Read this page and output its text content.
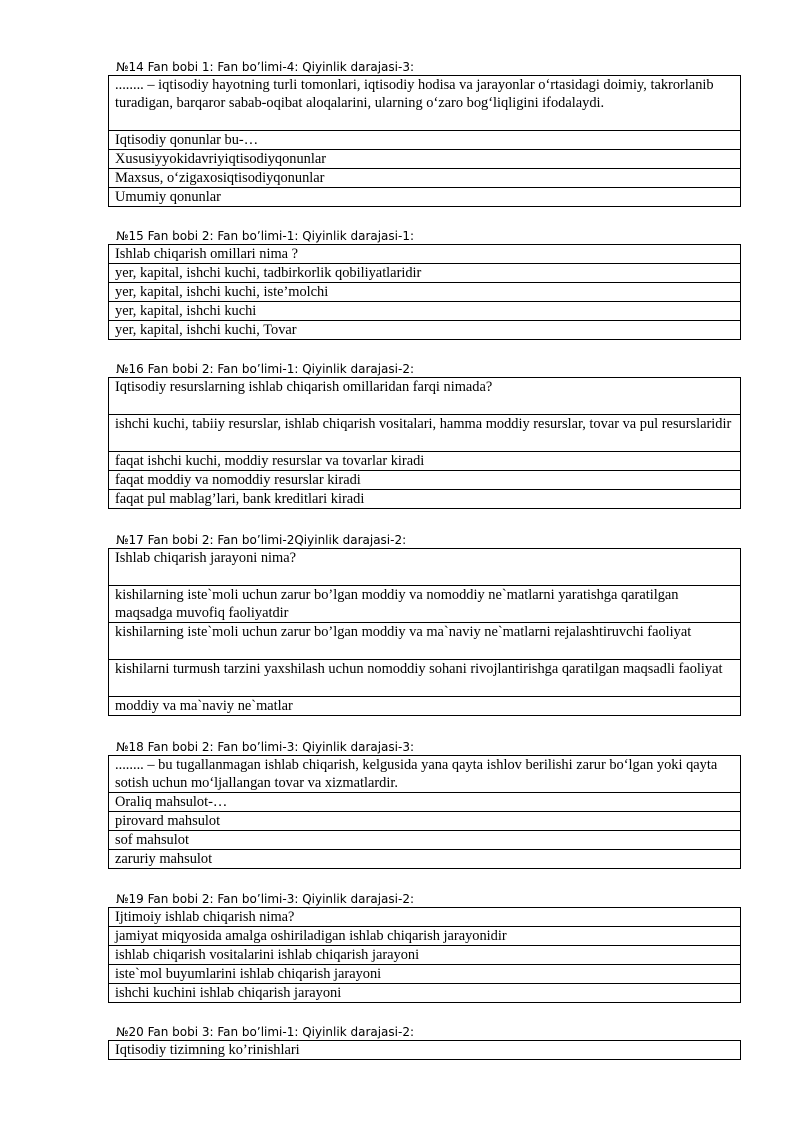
№14 Fan bobi 1: Fan bo’limi-4: Qiyinlik darajasi-3:
........ – iqtisodiy hayotning turli tomonlari, iqtisodiy hodisa va jarayonlar o‘rtasidagi doimiy, takrorlanib turadigan, barqaror sabab-oqibat aloqalarini, ularning o‘zaro bog‘liqligini ifodalaydi.
Iqtisodiy qonunlar bu-…
Xususiyyokidavriyiqtisodiyqonunlar
Maxsus, o‘zigaxosiqtisodiyqonunlar
Umumiy qonunlar
№15 Fan bobi 2: Fan bo’limi-1: Qiyinlik darajasi-1:
Ishlab chiqarish omillari nima ?
yer, kapital, ishchi kuchi, tadbirkorlik qobiliyatlaridir
yer, kapital, ishchi kuchi, iste’molchi
yer, kapital, ishchi kuchi
yer, kapital, ishchi kuchi, Tovar
№16 Fan bobi 2: Fan bo’limi-1: Qiyinlik darajasi-2:
Iqtisodiy resurslarning ishlab chiqarish omillaridan farqi nimada?
ishchi kuchi, tabiiy resurslar, ishlab chiqarish vositalari, hamma moddiy resurslar, tovar va pul resurslaridir
faqat ishchi kuchi, moddiy resurslar va tovarlar kiradi
faqat moddiy va nomoddiy resurslar kiradi
faqat pul mablag’lari, bank kreditlari kiradi
№17 Fan bobi 2: Fan bo’limi-2Qiyinlik darajasi-2:
Ishlab chiqarish jarayoni nima?
kishilarning iste`moli uchun zarur bo’lgan moddiy va nomoddiy ne`matlarni yaratishga qaratilgan maqsadga muvofiq faoliyatdir
kishilarning iste`moli uchun zarur bo’lgan moddiy va ma`naviy ne`matlarni rejalashtiruvchi faoliyat
kishilarni turmush tarzini yaxshilash uchun nomoddiy sohani rivojlantirishga qaratilgan maqsadli faoliyat
moddiy va ma`naviy ne`matlar
№18 Fan bobi 2: Fan bo’limi-3: Qiyinlik darajasi-3:
........ – bu tugallanmagan ishlab chiqarish, kelgusida yana qayta ishlov berilishi zarur bo‘lgan yoki qayta sotish uchun mo‘ljallangan tovar va xizmatlardir.
Oraliq mahsulot-…
pirovard mahsulot
sof mahsulot
zaruriy mahsulot
№19 Fan bobi 2: Fan bo’limi-3: Qiyinlik darajasi-2:
Ijtimoiy ishlab chiqarish nima?
jamiyat miqyosida amalga oshiriladigan ishlab chiqarish jarayonidir
ishlab chiqarish vositalarini ishlab chiqarish jarayoni
iste`mol buyumlarini ishlab chiqarish jarayoni
ishchi kuchini ishlab chiqarish jarayoni
№20 Fan bobi 3: Fan bo’limi-1: Qiyinlik darajasi-2:
Iqtisodiy tizimning ko’rinishlari
